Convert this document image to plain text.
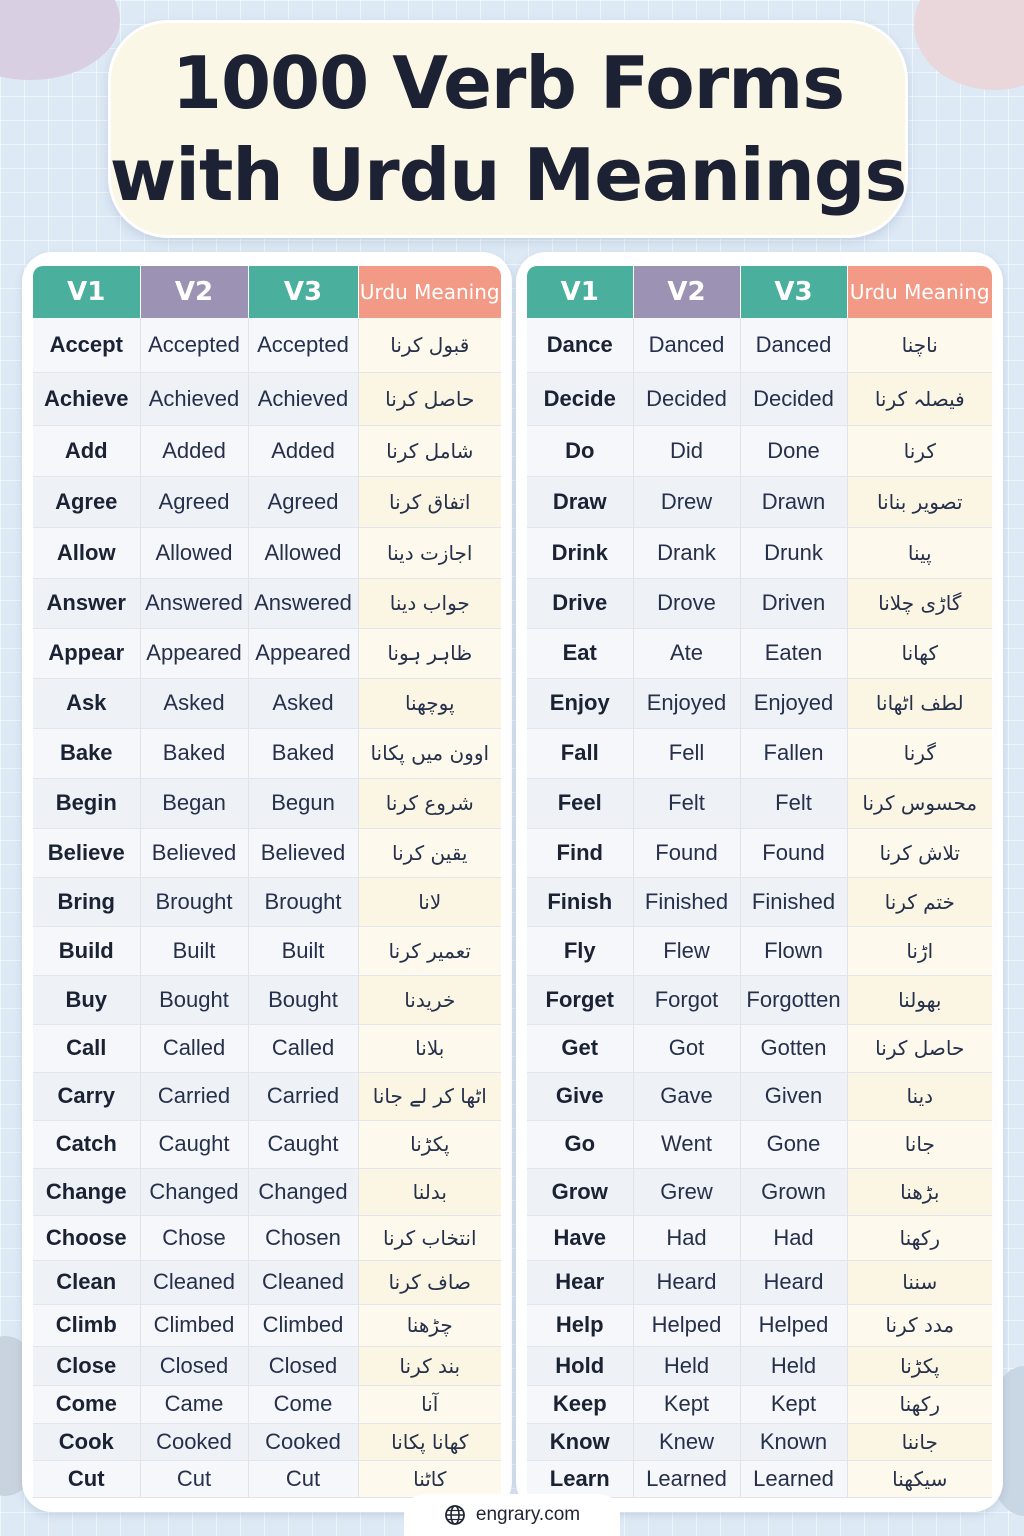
1000 Verb Forms
with Urdu Meanings
V1	V2	V3	Urdu Meaning
Accept	Accepted	Accepted	قبول کرنا
Achieve	Achieved	Achieved	حاصل کرنا
Add	Added	Added	شامل کرنا
Agree	Agreed	Agreed	اتفاق کرنا
Allow	Allowed	Allowed	اجازت دینا
Answer	Answered	Answered	جواب دینا
Appear	Appeared	Appeared	ظاہر ہونا
Ask	Asked	Asked	پوچھنا
Bake	Baked	Baked	اوون میں پکانا
Begin	Began	Begun	شروع کرنا
Believe	Believed	Believed	یقین کرنا
Bring	Brought	Brought	لانا
Build	Built	Built	تعمیر کرنا
Buy	Bought	Bought	خریدنا
Call	Called	Called	بلانا
Carry	Carried	Carried	اٹھا کر لے جانا
Catch	Caught	Caught	پکڑنا
Change	Changed	Changed	بدلنا
Choose	Chose	Chosen	انتخاب کرنا
Clean	Cleaned	Cleaned	صاف کرنا
Climb	Climbed	Climbed	چڑھنا
Close	Closed	Closed	بند کرنا
Come	Came	Come	آنا
Cook	Cooked	Cooked	کھانا پکانا
Cut	Cut	Cut	کاٹنا
V1	V2	V3	Urdu Meaning
Dance	Danced	Danced	ناچنا
Decide	Decided	Decided	فیصلہ کرنا
Do	Did	Done	کرنا
Draw	Drew	Drawn	تصویر بنانا
Drink	Drank	Drunk	پینا
Drive	Drove	Driven	گاڑی چلانا
Eat	Ate	Eaten	کھانا
Enjoy	Enjoyed	Enjoyed	لطف اٹھانا
Fall	Fell	Fallen	گرنا
Feel	Felt	Felt	محسوس کرنا
Find	Found	Found	تلاش کرنا
Finish	Finished	Finished	ختم کرنا
Fly	Flew	Flown	اڑنا
Forget	Forgot	Forgotten	بھولنا
Get	Got	Gotten	حاصل کرنا
Give	Gave	Given	دینا
Go	Went	Gone	جانا
Grow	Grew	Grown	بڑھنا
Have	Had	Had	رکھنا
Hear	Heard	Heard	سننا
Help	Helped	Helped	مدد کرنا
Hold	Held	Held	پکڑنا
Keep	Kept	Kept	رکھنا
Know	Knew	Known	جاننا
Learn	Learned	Learned	سیکھنا
engrary.com
